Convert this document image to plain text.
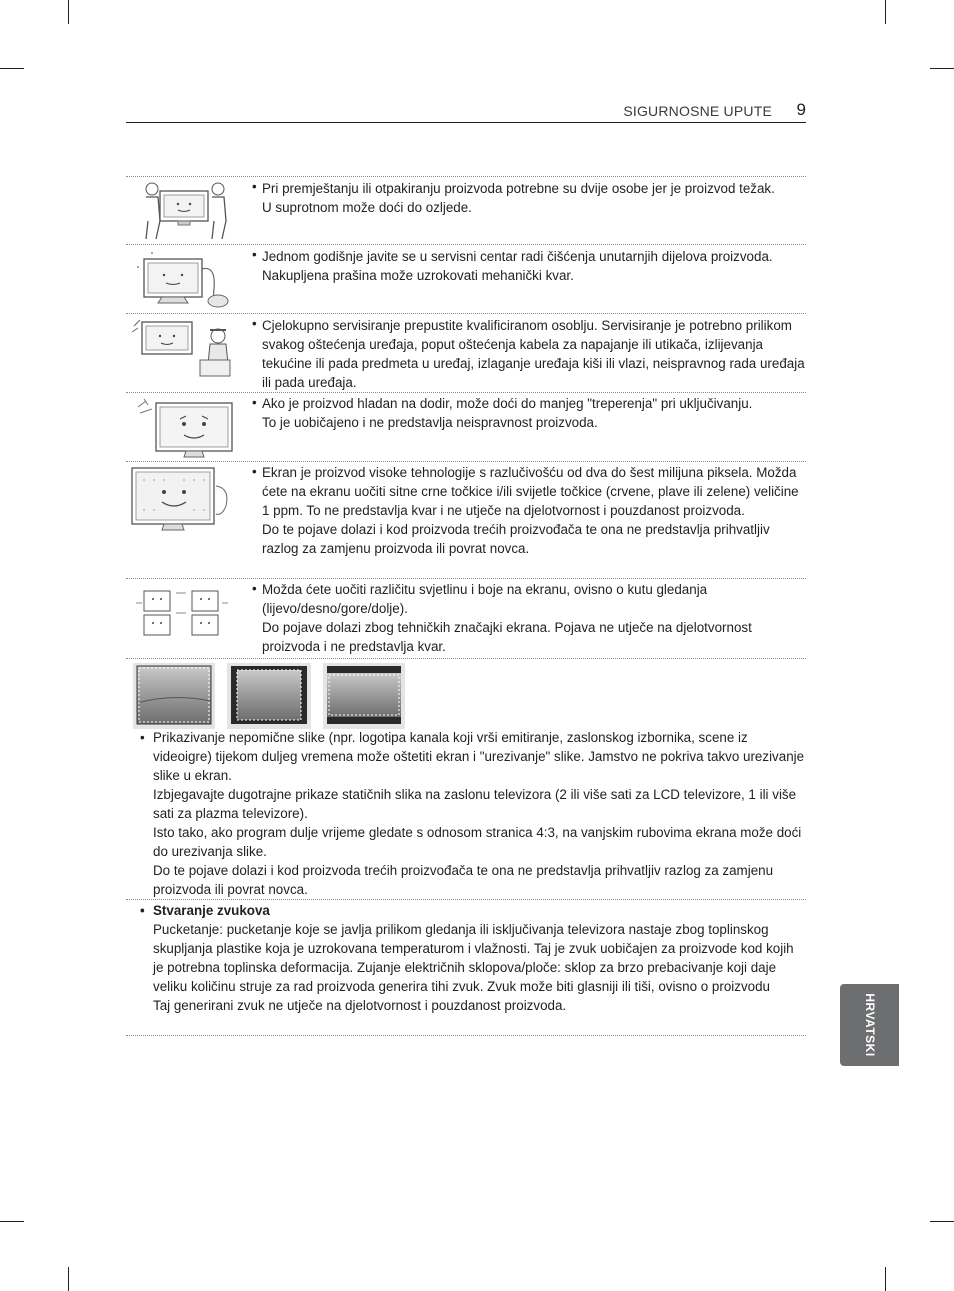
SIGURNOSNE UPUTE 9
• Pri premještanju ili otpakiranju proizvoda potrebne su dvije osobe jer je proizvod težak.
U suprotnom može doći do ozljede.
• Jednom godišnje javite se u servisni centar radi čišćenja unutarnjih dijelova proizvoda.
Nakupljena prašina može uzrokovati mehanički kvar.
• Cjelokupno servisiranje prepustite kvalificiranom osoblju. Servisiranje je potrebno prilikom svakog oštećenja uređaja, poput oštećenja kabela za napajanje ili utikača, izlijevanja tekućine ili pada predmeta u uređaj, izlaganje uređaja kiši ili vlazi, neispravnog rada uređaja ili pada uređaja.
• Ako je proizvod hladan na dodir, može doći do manjeg "treperenja" pri uključivanju.
To je uobičajeno i ne predstavlja neispravnost proizvoda.
• Ekran je proizvod visoke tehnologije s razlučivošću od dva do šest milijuna piksela. Možda ćete na ekranu uočiti sitne crne točkice i/ili svijetle točkice (crvene, plave ili zelene) veličine 1 ppm. To ne predstavlja kvar i ne utječe na djelotvornost i pouzdanost proizvoda.
Do te pojave dolazi i kod proizvoda trećih proizvođača te ona ne predstavlja prihvatljiv razlog za zamjenu proizvoda ili povrat novca.
• Možda ćete uočiti različitu svjetlinu i boje na ekranu, ovisno o kutu gledanja (lijevo/desno/gore/dolje).
Do pojave dolazi zbog tehničkih značajki ekrana. Pojava ne utječe na djelotvornost proizvoda i ne predstavlja kvar.
• Prikazivanje nepomične slike (npr. logotipa kanala koji vrši emitiranje, zaslonskog izbornika, scene iz videoigre) tijekom duljeg vremena može oštetiti ekran i "urezivanje" slike. Jamstvo ne pokriva takvo urezivanje slike u ekran.
Izbjegavajte dugotrajne prikaze statičnih slika na zaslonu televizora (2 ili više sati za LCD televizore, 1 ili više sati za plazma televizore).
Isto tako, ako program dulje vrijeme gledate s odnosom stranica 4:3, na vanjskim rubovima ekrana može doći do urezivanja slike.
Do te pojave dolazi i kod proizvoda trećih proizvođača te ona ne predstavlja prihvatljiv razlog za zamjenu proizvoda ili povrat novca.
• Stvaranje zvukova
Pucketanje: pucketanje koje se javlja prilikom gledanja ili isključivanja televizora nastaje zbog toplinskog skupljanja plastike koja je uzrokovana temperaturom i vlažnosti. Taj je zvuk uobičajen za proizvode kod kojih je potrebna toplinska deformacija. Zujanje električnih sklopova/ploče: sklop za brzo prebacivanje koji daje veliku količinu struje za rad proizvoda generira tihi zvuk. Zvuk može biti glasniji ili tiši, ovisno o proizvodu
Taj generirani zvuk ne utječe na djelotvornost i pouzdanost proizvoda.	HRVATSKI
